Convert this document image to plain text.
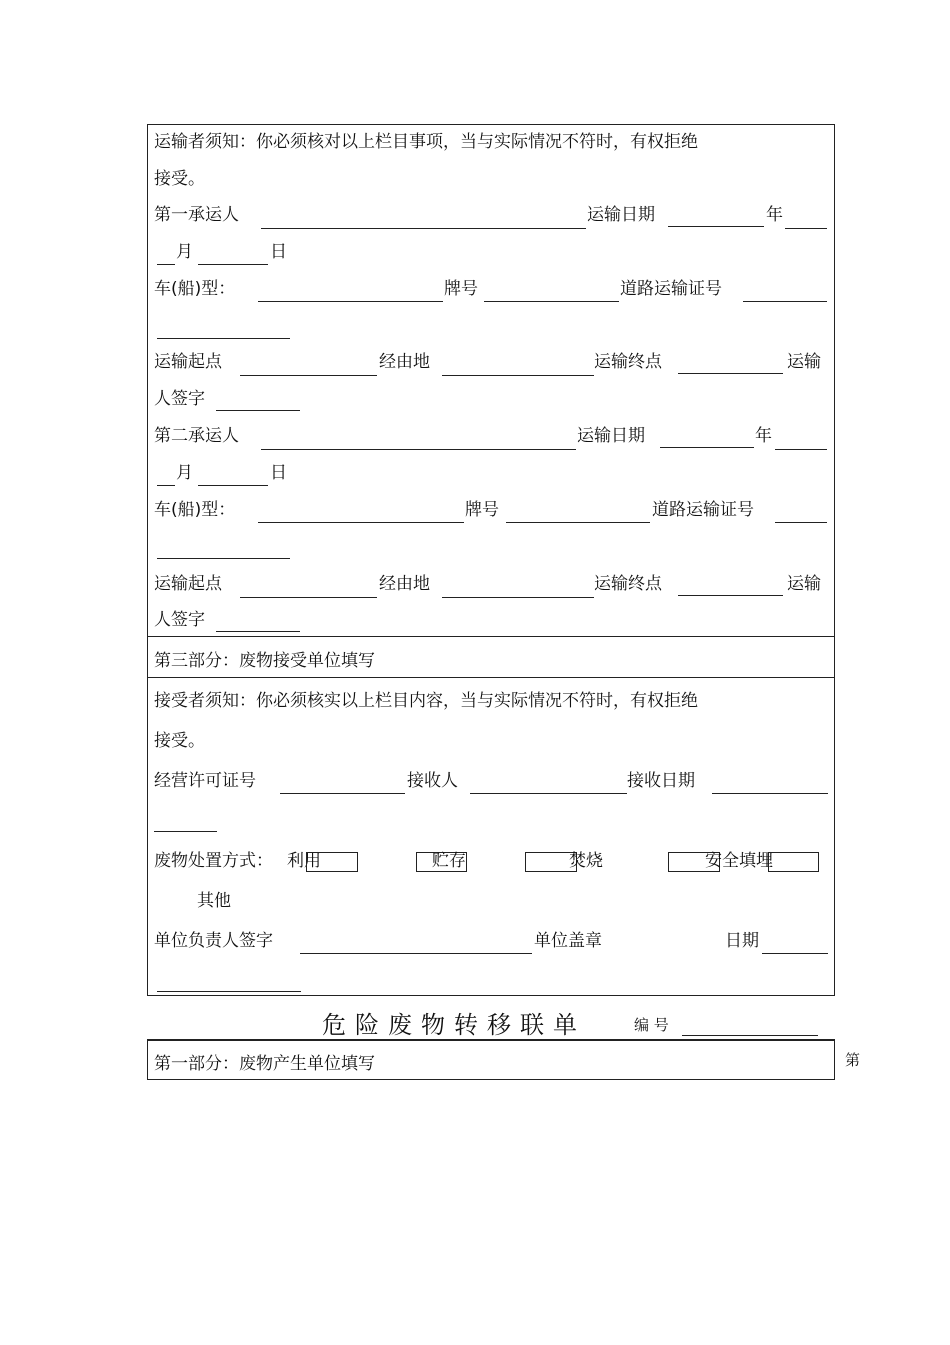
运输者须知：你必须核对以上栏目事项，当与实际情况不符时，有权拒绝
接受。
第一承运人	运输日期	年
月	日
车(船)型：	牌号	道路运输证号
运输起点	经由地	运输终点	运输
人签字
第二承运人	运输日期	年
月	日
车(船)型：	牌号	道路运输证号
运输起点	经由地	运输终点	运输
人签字
第三部分：废物接受单位填写
接受者须知：你必须核实以上栏目内容，当与实际情况不符时，有权拒绝
接受。
经营许可证号	接收人	接收日期
废物处置方式： 利用	贮存	焚烧	安全填埋
其他
单位负责人签字	单位盖章	日期
危险废物转移联单	编 号
第一部分：废物产生单位填写	第
